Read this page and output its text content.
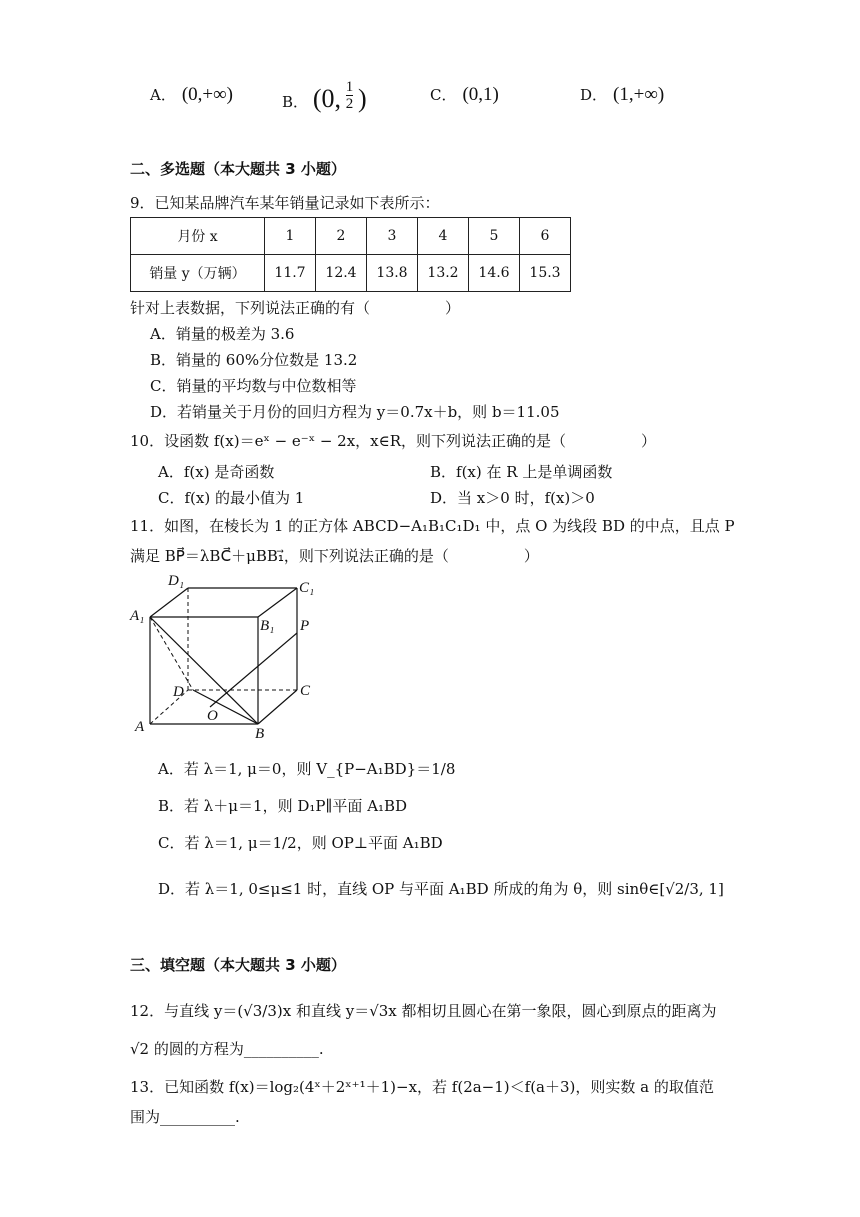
A． (0,+∞)	B． (0, $\frac{1}{2}$ )	C． (0,1)	D． (1,+∞)
二、多选题（本大题共 3 小题）
9．已知某品牌汽车某年销量记录如下表所示：
月份 x	1	2	3	4	5	6
销量 y（万辆）	11.7	12.4	13.8	13.2	14.6	15.3
针对上表数据，下列说法正确的有（　　　　　）
A．销量的极差为 3.6
B．销量的 60%分位数是 13.2
C．销量的平均数与中位数相等
D．若销量关于月份的回归方程为 y＝0.7x＋b，则 b＝11.05
10．设函数 f(x)＝eˣ − e⁻ˣ − 2x，x∈R，则下列说法正确的是（　　　　　）
A．f(x) 是奇函数	B．f(x) 在 R 上是单调函数
C．f(x) 的最小值为 1	D．当 x＞0 时，f(x)＞0
11．如图，在棱长为 1 的正方体 ABCD−A₁B₁C₁D₁ 中，点 O 为线段 BD 的中点，且点 P
满足 BP⃗＝λBC⃗＋μBB₁⃗，则下列说法正确的是（　　　　　）
D₁	C₁
A₁
B₁ P
D	C
O
A	B
A．若 λ＝1, μ＝0，则 V_{P−A₁BD}＝1/8
B．若 λ＋μ＝1，则 D₁P∥平面 A₁BD
C．若 λ＝1, μ＝1/2，则 OP⊥平面 A₁BD
D．若 λ＝1, 0≤μ≤1 时，直线 OP 与平面 A₁BD 所成的角为 θ，则 sinθ∈[√2/3, 1]
三、填空题（本大题共 3 小题）
12．与直线 y＝(√3/3)x 和直线 y＝√3x 都相切且圆心在第一象限，圆心到原点的距离为
√2 的圆的方程为__________.
13．已知函数 f(x)＝log₂(4ˣ＋2ˣ⁺¹＋1)−x，若 f(2a−1)＜f(a＋3)，则实数 a 的取值范
围为__________.
